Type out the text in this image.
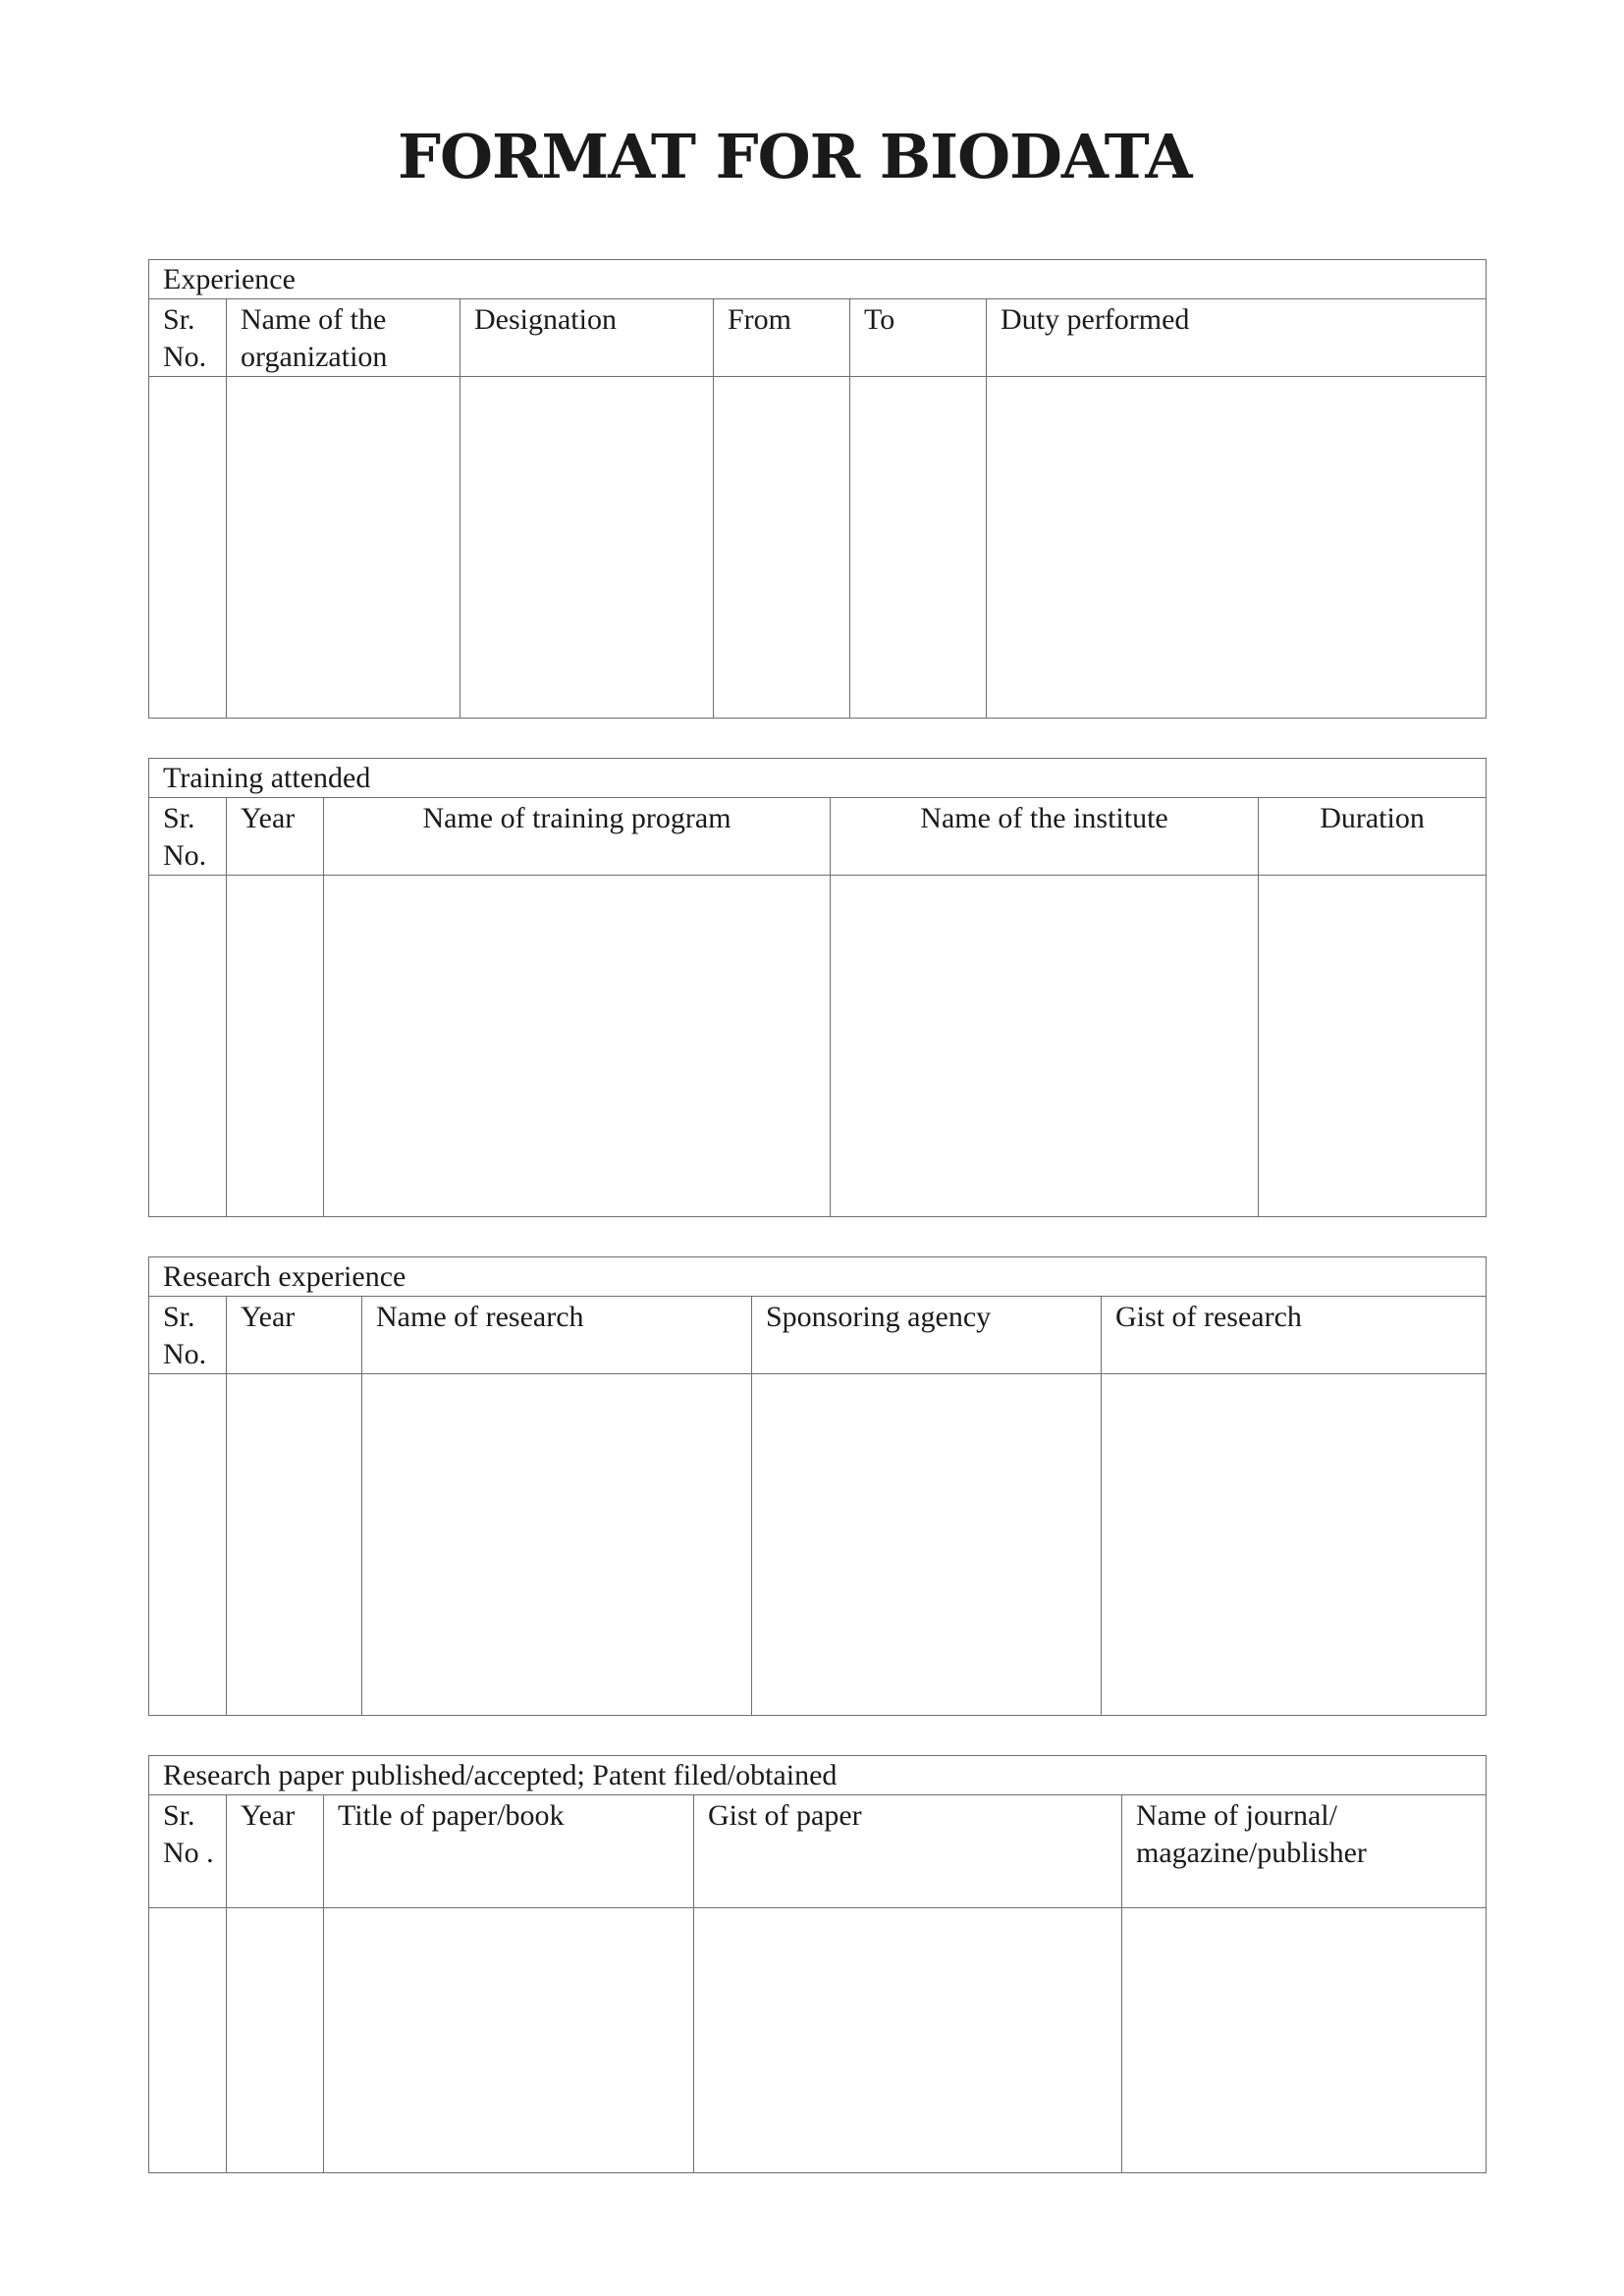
FORMAT FOR BIODATA
Experience					
Sr. No.	Name of the organization	Designation	From	To	Duty performed

Training attended				
Sr. No.	Year	Name of training program	Name of the institute	Duration

Research experience				
Sr. No.	Year	Name of research	Sponsoring agency	Gist of research

Research paper published/accepted; Patent filed/obtained				
Sr. No .	Year	Title of paper/book	Gist of paper	Name of journal/ magazine/publisher
